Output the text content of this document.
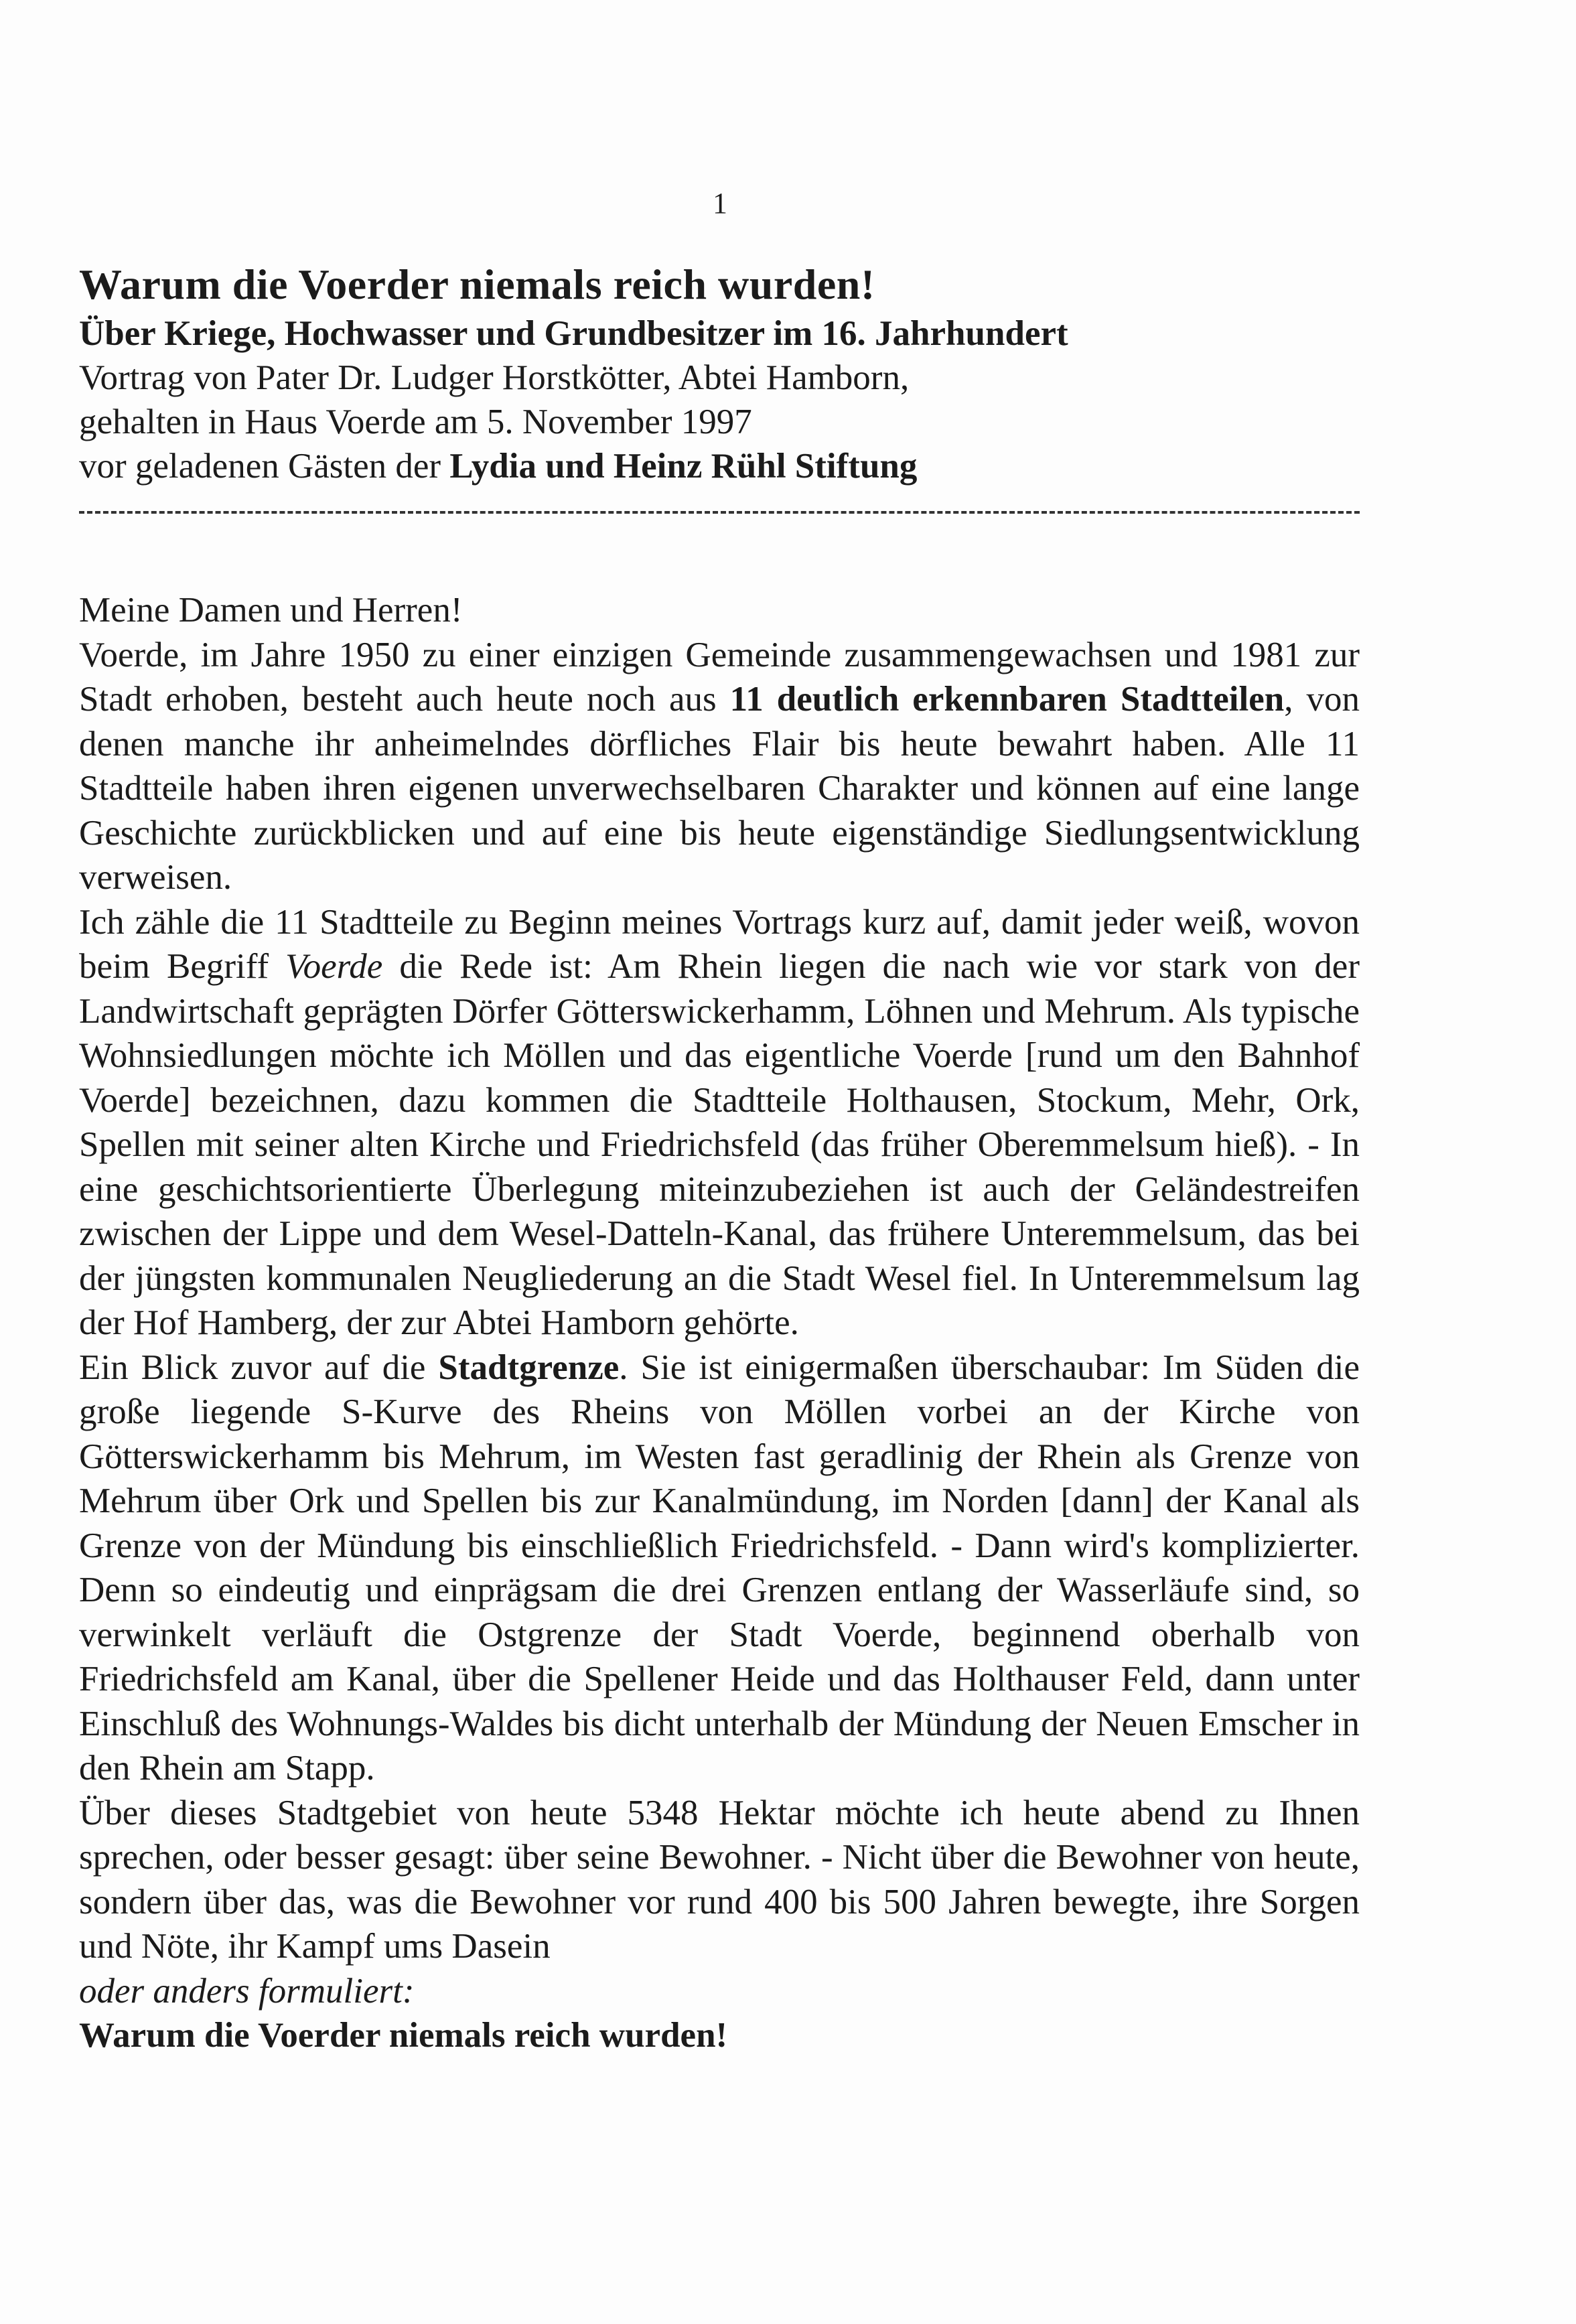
1
Warum die Voerder niemals reich wurden!
Über Kriege, Hochwasser und Grundbesitzer im 16. Jahrhundert
Vortrag von Pater Dr. Ludger Horstkötter, Abtei Hamborn,
gehalten in Haus Voerde am 5. November 1997
vor geladenen Gästen der Lydia und Heinz Rühl Stiftung

Meine Damen und Herren!

Voerde, im Jahre 1950 zu einer einzigen Gemeinde zusammengewachsen und 1981 zur Stadt erhoben, besteht auch heute noch aus 11 deutlich erkennbaren Stadtteilen, von denen manche ihr anheimelndes dörfliches Flair bis heute bewahrt haben. Alle 11 Stadtteile haben ihren eigenen unverwechselbaren Charakter und können auf eine lange Geschichte zurückblicken und auf eine bis heute eigenständige Siedlungsentwicklung verweisen.

Ich zähle die 11 Stadtteile zu Beginn meines Vortrags kurz auf, damit jeder weiß, wovon beim Begriff Voerde die Rede ist: Am Rhein liegen die nach wie vor stark von der Landwirtschaft geprägten Dörfer Götterswickerhamm, Löhnen und Mehrum. Als typische Wohnsiedlungen möchte ich Möllen und das eigentliche Voerde [rund um den Bahnhof Voerde] bezeichnen, dazu kommen die Stadtteile Holthausen, Stockum, Mehr, Ork, Spellen mit seiner alten Kirche und Friedrichsfeld (das früher Oberemmelsum hieß). - In eine geschichtsorientierte Überlegung miteinzubeziehen ist auch der Geländestreifen zwischen der Lippe und dem Wesel-Datteln-Kanal, das frühere Unteremmelsum, das bei der jüngsten kommunalen Neugliederung an die Stadt Wesel fiel. In Unteremmelsum lag der Hof Hamberg, der zur Abtei Hamborn gehörte.

Ein Blick zuvor auf die Stadtgrenze. Sie ist einigermaßen überschaubar: Im Süden die große liegende S-Kurve des Rheins von Möllen vorbei an der Kirche von Götterswickerhamm bis Mehrum, im Westen fast geradlinig der Rhein als Grenze von Mehrum über Ork und Spellen bis zur Kanalmündung, im Norden [dann] der Kanal als Grenze von der Mündung bis einschließlich Friedrichsfeld. - Dann wird's komplizierter. Denn so eindeutig und einprägsam die drei Grenzen entlang der Wasserläufe sind, so verwinkelt verläuft die Ostgrenze der Stadt Voerde, beginnend oberhalb von Friedrichsfeld am Kanal, über die Spellener Heide und das Holthauser Feld, dann unter Einschluß des Wohnungs-Waldes bis dicht unterhalb der Mündung der Neuen Emscher in den Rhein am Stapp.

Über dieses Stadtgebiet von heute 5348 Hektar möchte ich heute abend zu Ihnen sprechen, oder besser gesagt: über seine Bewohner. - Nicht über die Bewohner von heute, sondern über das, was die Bewohner vor rund 400 bis 500 Jahren bewegte, ihre Sorgen und Nöte, ihr Kampf ums Dasein

oder anders formuliert:

Warum die Voerder niemals reich wurden!
